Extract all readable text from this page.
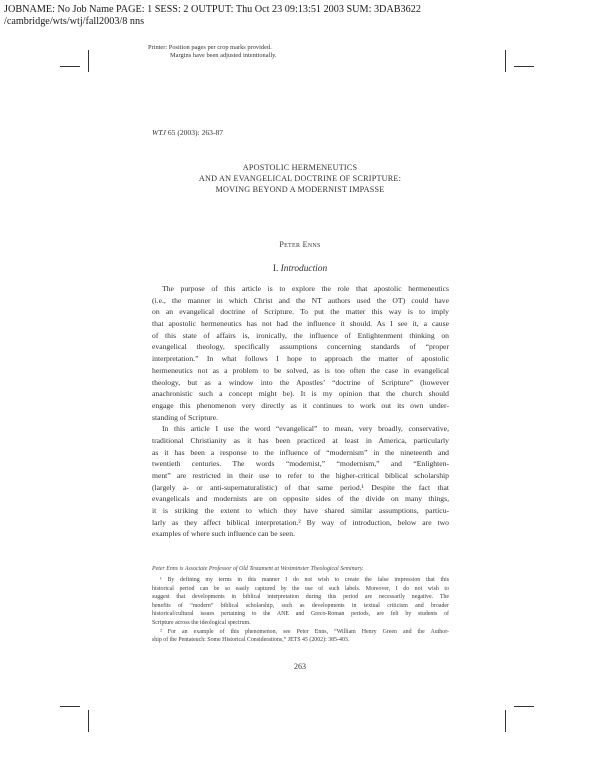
JOBNAME: No Job Name PAGE: 1 SESS: 2 OUTPUT: Thu Oct 23 09:13:51 2003 SUM: 3DAB3622
/cambridge/wts/wtj/fall2003/8 nns
Printer: Position pages per crop marks provided.
Margins have been adjusted intentionally.
WTJ 65 (2003): 263-87
APOSTOLIC HERMENEUTICS
AND AN EVANGELICAL DOCTRINE OF SCRIPTURE:
MOVING BEYOND A MODERNIST IMPASSE
Peter Enns
I. Introduction
The purpose of this article is to explore the role that apostolic hermeneutics
(i.e., the manner in which Christ and the NT authors used the OT) could have
on an evangelical doctrine of Scripture. To put the matter this way is to imply
that apostolic hermeneutics has not had the influence it should. As I see it, a cause
of this state of affairs is, ironically, the influence of Enlightenment thinking on
evangelical theology, specifically assumptions concerning standards of “proper
interpretation.” In what follows I hope to approach the matter of apostolic
hermeneutics not as a problem to be solved, as is too often the case in evangelical
theology, but as a window into the Apostles’ “doctrine of Scripture” (however
anachronistic such a concept might be). It is my opinion that the church should
engage this phenomenon very directly as it continues to work out its own under-
standing of Scripture.
In this article I use the word “evangelical” to mean, very broadly, conservative,
traditional Christianity as it has been practiced at least in America, particularly
as it has been a response to the influence of “modernism” in the nineteenth and
twentieth centuries. The words “modernist,” “modernism,” and “Enlighten-
ment” are restricted in their use to refer to the higher-critical biblical scholarship
(largely a- or anti-supernaturalistic) of that same period.¹ Despite the fact that
evangelicals and modernists are on opposite sides of the divide on many things,
it is striking the extent to which they have shared similar assumptions, particu-
larly as they affect biblical interpretation.² By way of introduction, below are two
examples of where such influence can be seen.
Peter Enns is Associate Professor of Old Testament at Westminster Theological Seminary.
¹ By defining my terms in this manner I do not wish to create the false impression that this
historical period can be so easily captured by the use of such labels. Moreover, I do not wish to
suggest that developments in biblical interpretation during this period are necessarily negative. The
benefits of “modern” biblical scholarship, such as developments in textual criticism and broader
historical/cultural issues pertaining to the ANE and Greco-Roman periods, are felt by students of
Scripture across the ideological spectrum.
² For an example of this phenomenon, see Peter Enns, “William Henry Green and the Author-
ship of the Pentateuch: Some Historical Considerations,” JETS 45 (2002): 385-403.
263
